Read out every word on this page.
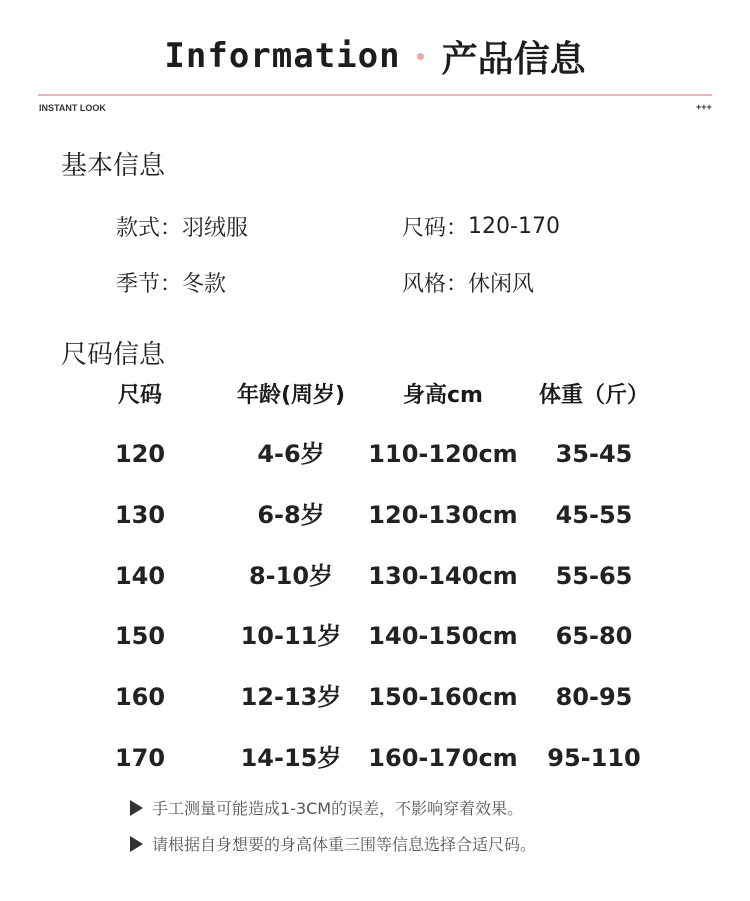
Information 产品信息
INSTANT LOOK	+++
基本信息
款式： 羽绒服	尺码： 120-170
季节： 冬款	风格： 休闲风
尺码信息
尺码	年龄(周岁)	身高cm	体重（斤）
120	4-6岁	110-120cm	35-45
130	6-8岁	120-130cm	45-55
140	8-10岁	130-140cm	55-65
150	10-11岁	140-150cm	65-80
160	12-13岁	150-160cm	80-95
170	14-15岁	160-170cm	95-110
手工测量可能造成1-3CM的误差，不影响穿着效果。
请根据自身想要的身高体重三围等信息选择合适尺码。
